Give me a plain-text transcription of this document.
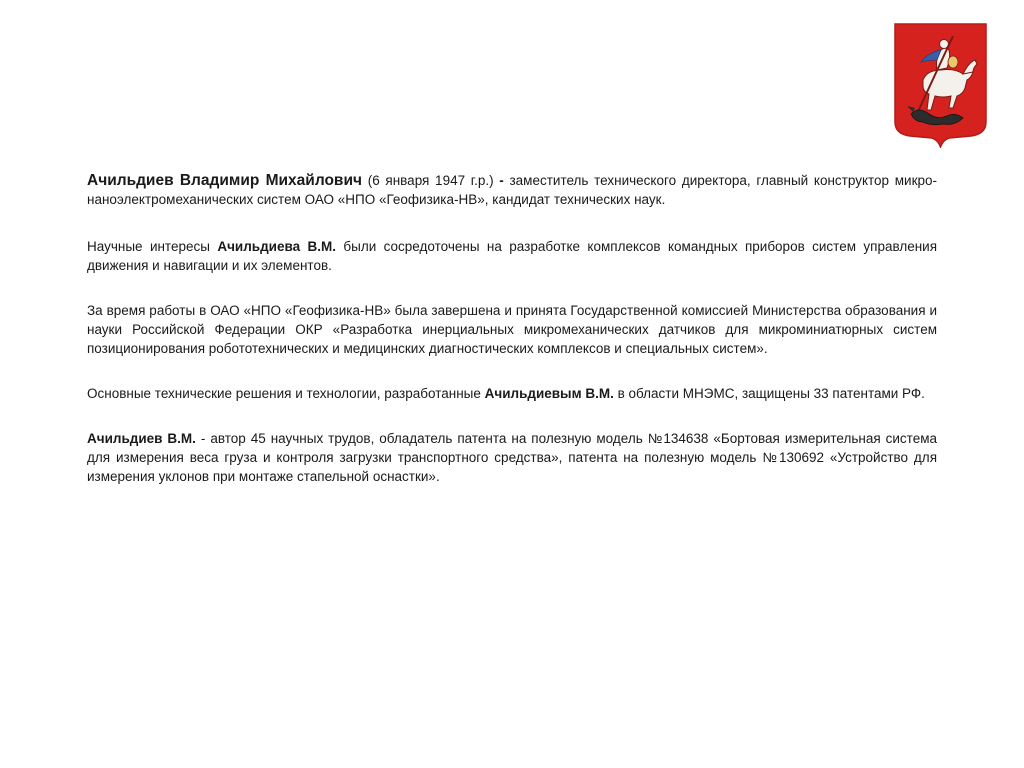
Ачильдиев Владимир Михайлович (6 января 1947 г.р.) - заместитель технического директора, главный конструктор микро-наноэлектромеханических систем ОАО «НПО «Геофизика-НВ», кандидат технических наук.

Научные интересы Ачильдиева В.М. были сосредоточены на разработке комплексов командных приборов систем управления движения и навигации и их элементов.

За время работы в ОАО «НПО «Геофизика-НВ» была завершена и принята Государственной комиссией Министерства образования и науки Российской Федерации ОКР «Разработка инерциальных микромеханических датчиков для микроминиатюрных систем позиционирования робототехнических и медицинских диагностических комплексов и специальных систем».

Основные технические решения и технологии, разработанные Ачильдиевым В.М. в области МНЭМС, защищены 33 патентами РФ.

Ачильдиев В.М. - автор 45 научных трудов, обладатель патента на полезную модель №134638 «Бортовая измерительная система для измерения веса груза и контроля загрузки транспортного средства», патента на полезную модель №130692 «Устройство для измерения уклонов при монтаже стапельной оснастки».
